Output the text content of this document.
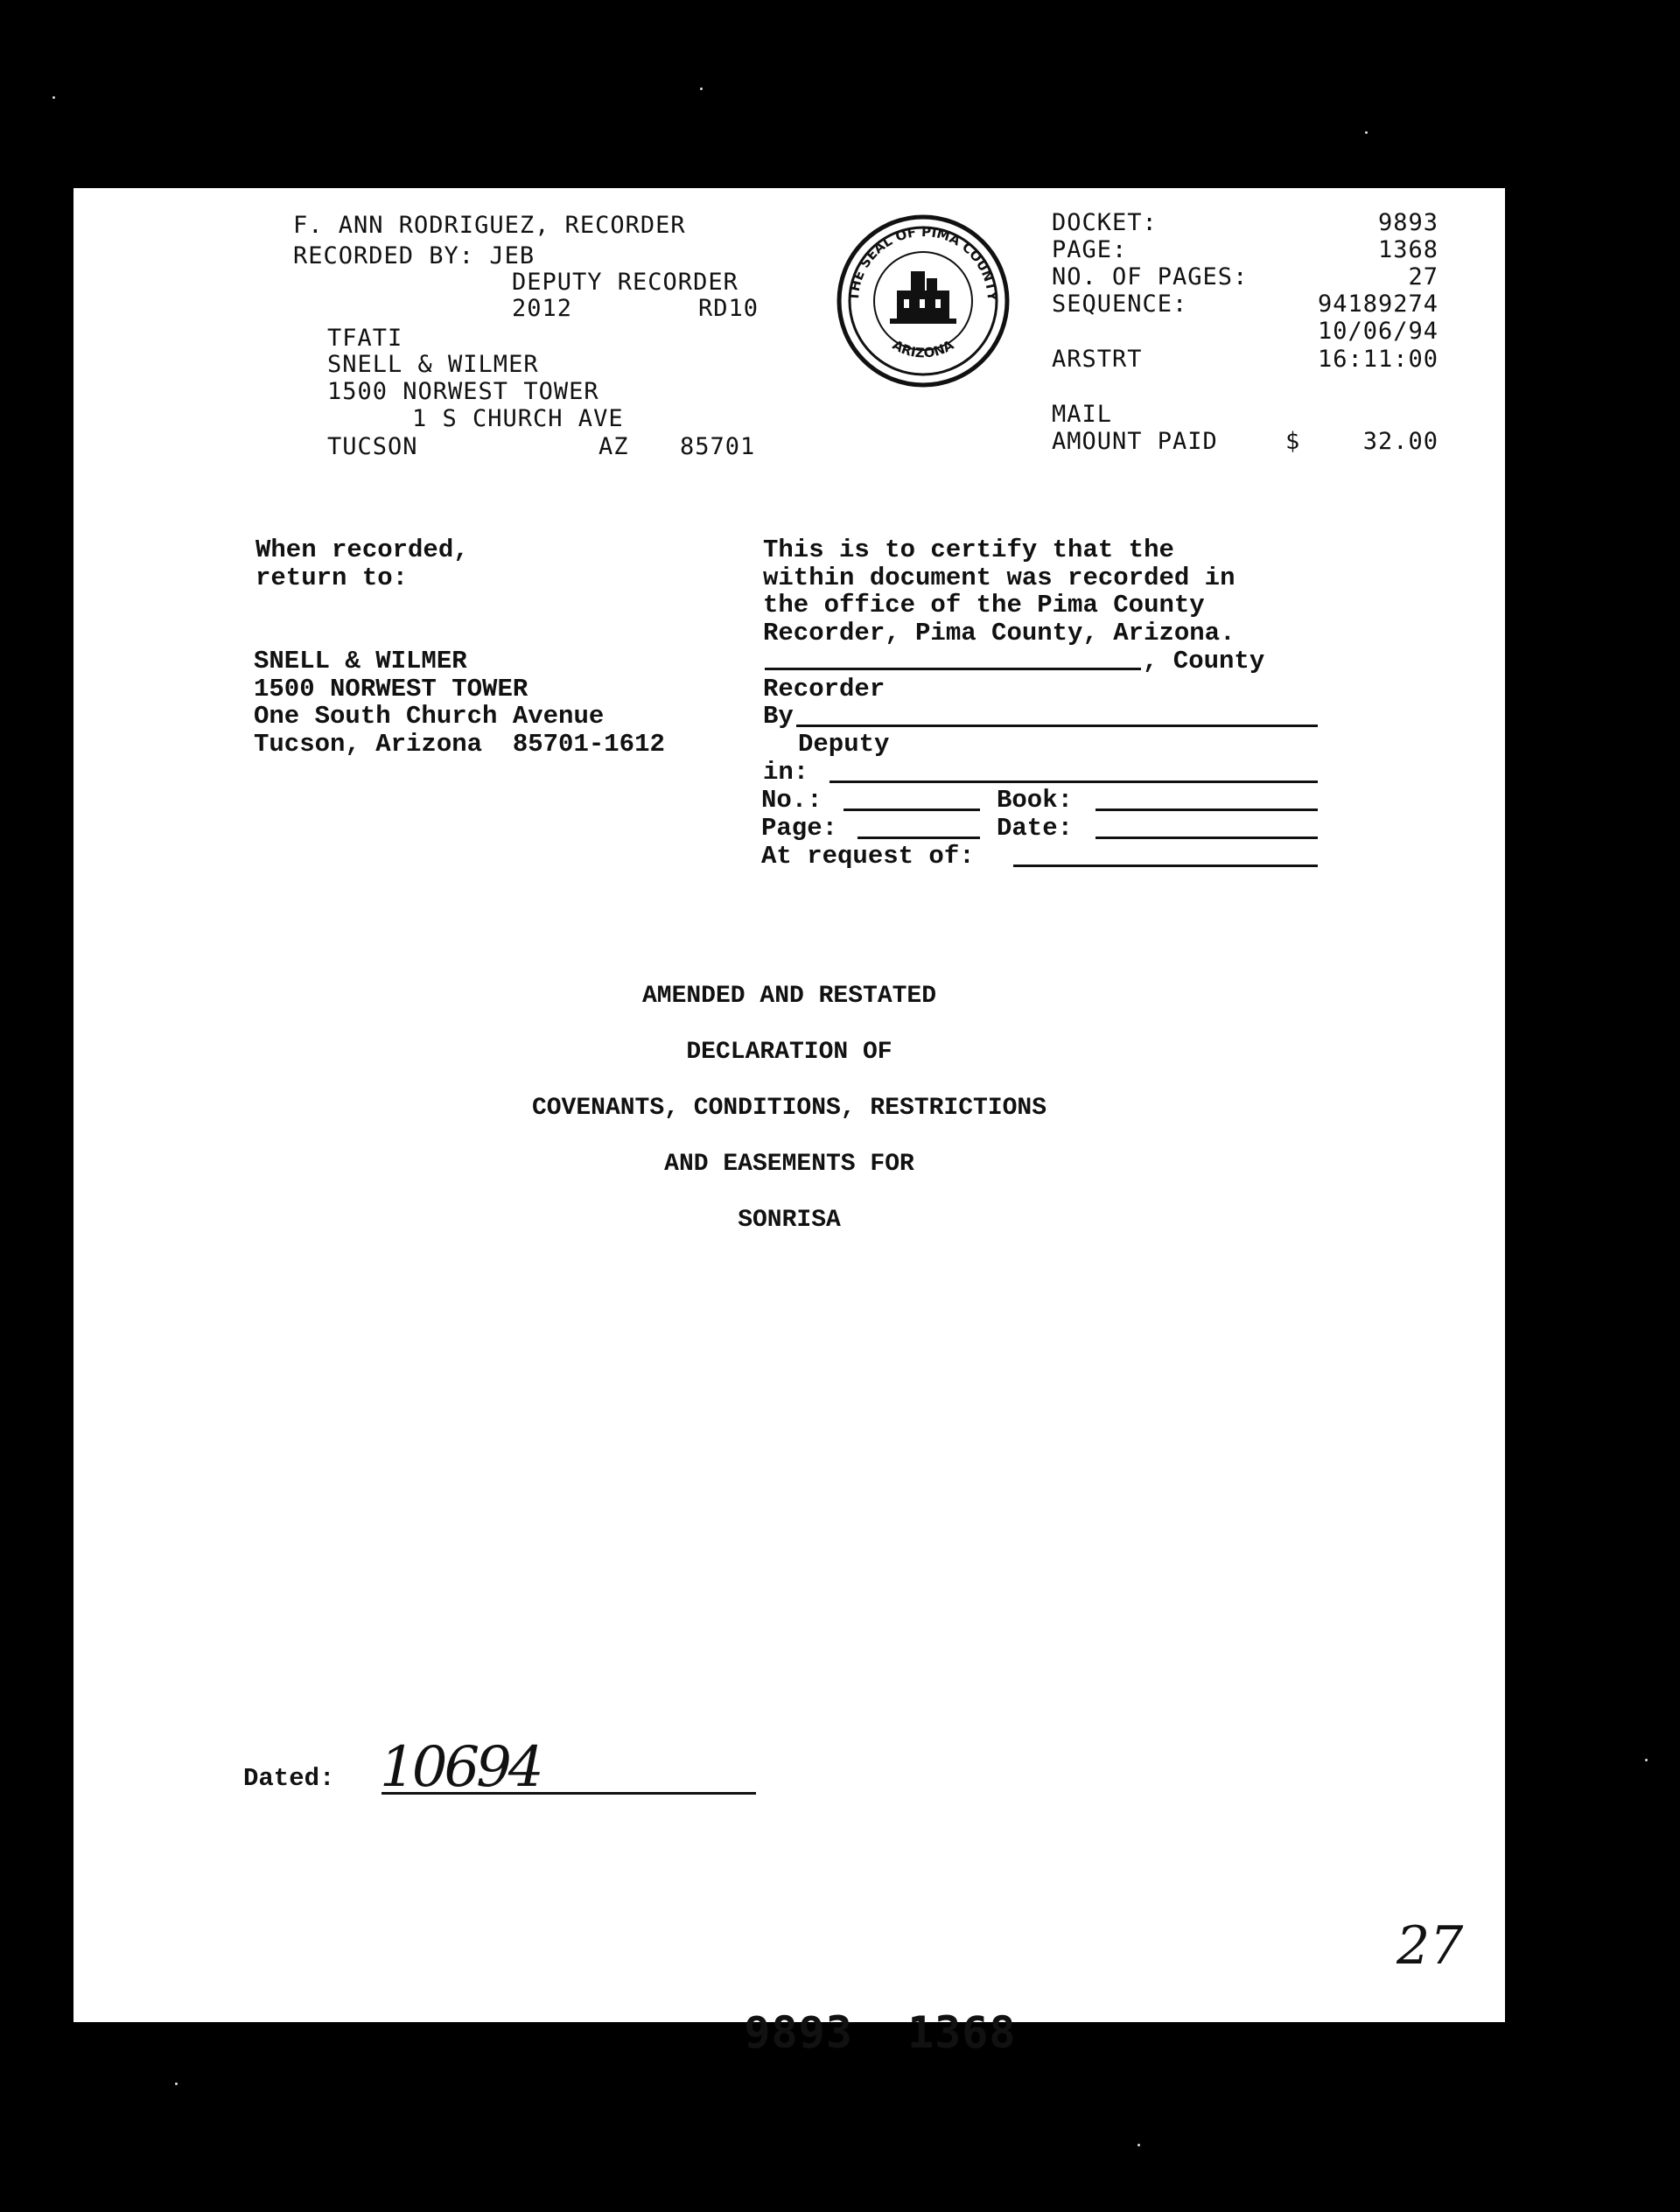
F. ANN RODRIGUEZ, RECORDER
RECORDED BY: JEB
DEPUTY RECORDER
2012	RD10
TFATI
SNELL & WILMER
1500 NORWEST TOWER
1 S CHURCH AVE
TUCSON	AZ 85701

THE SEAL OF PIMA COUNTY
ARIZONA

DOCKET:	9893
PAGE:	1368
NO. OF PAGES:	27
SEQUENCE:	94189274
10/06/94
ARSTRT	16:11:00
MAIL
AMOUNT PAID	$	32.00
When recorded,
return to:
SNELL & WILMER
1500 NORWEST TOWER
One South Church Avenue
Tucson, Arizona  85701-1612
This is to certify that the
within document was recorded in
the office of the Pima County
Recorder, Pima County, Arizona.
, County
Recorder
By
Deputy
in:
No.:	Book:
Page:	Date:
At request of:
AMENDED AND RESTATED
DECLARATION OF
COVENANTS, CONDITIONS, RESTRICTIONS
AND EASEMENTS FOR
SONRISA
Dated: 10694
27

9893 1368
